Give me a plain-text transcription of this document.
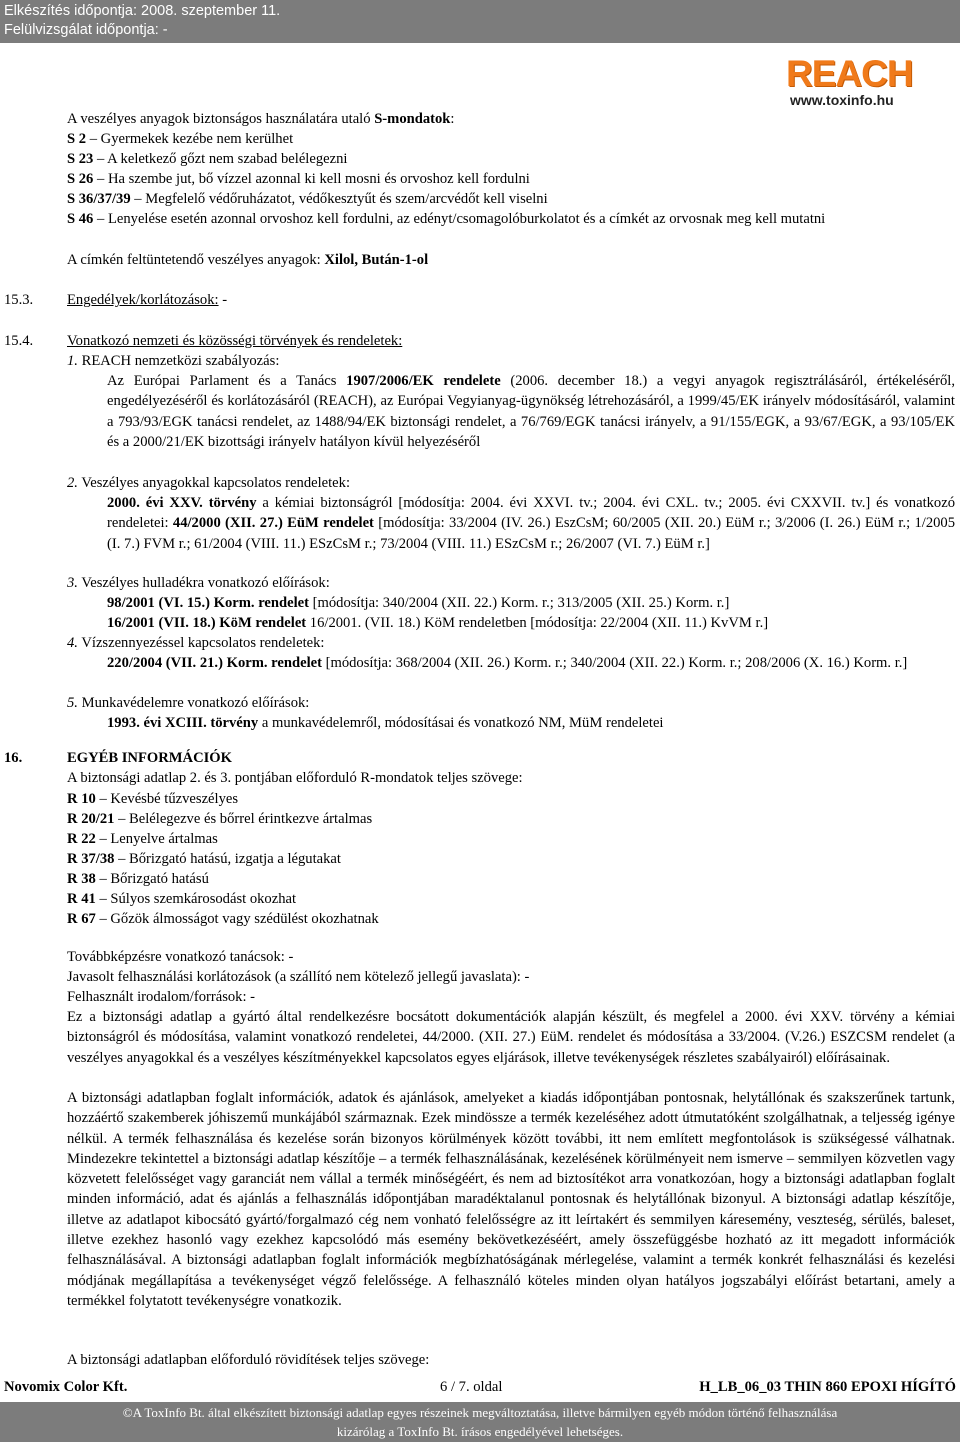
Elkészítés időpontja: 2008. szeptember 11.
Felülvizsgálat időpontja: -
REACH
www.toxinfo.hu
A veszélyes anyagok biztonságos használatára utaló S-mondatok:
S 2 – Gyermekek kezébe nem kerülhet
S 23 – A keletkező gőzt nem szabad belélegezni
S 26 – Ha szembe jut, bő vízzel azonnal ki kell mosni és orvoshoz kell fordulni
S 36/37/39 – Megfelelő védőruházatot, védőkesztyűt és szem/arcvédőt kell viselni
S 46 – Lenyelése esetén azonnal orvoshoz kell fordulni, az edényt/csomagolóburkolatot és a címkét az orvosnak meg kell mutatni
A címkén feltüntetendő veszélyes anyagok: Xilol, Bután-1-ol
15.3. Engedélyek/korlátozások: -
15.4. Vonatkozó nemzeti és közösségi törvények és rendeletek:
1. REACH nemzetközi szabályozás:
Az Európai Parlament és a Tanács 1907/2006/EK rendelete (2006. december 18.) a vegyi anyagok regisztrálásáról, értékeléséről, engedélyezéséről és korlátozásáról (REACH), az Európai Vegyianyag-ügynökség létrehozásáról, a 1999/45/EK irányelv módosításáról, valamint a 793/93/EGK tanácsi rendelet, az 1488/94/EK biztonsági rendelet, a 76/769/EGK tanácsi irányelv, a 91/155/EGK, a 93/67/EGK, a 93/105/EK és a 2000/21/EK bizottsági irányelv hatályon kívül helyezéséről
2. Veszélyes anyagokkal kapcsolatos rendeletek:
2000. évi XXV. törvény a kémiai biztonságról [módosítja: 2004. évi XXVI. tv.; 2004. évi CXL. tv.; 2005. évi CXXVII. tv.] és vonatkozó rendeletei: 44/2000 (XII. 27.) EüM rendelet [módosítja: 33/2004 (IV. 26.) EszCsM; 60/2005 (XII. 20.) EüM r.; 3/2006 (I. 26.) EüM r.; 1/2005 (I. 7.) FVM r.; 61/2004 (VIII. 11.) ESzCsM r.; 73/2004 (VIII. 11.) ESzCsM r.; 26/2007 (VI. 7.) EüM r.]
3. Veszélyes hulladékra vonatkozó előírások:
98/2001 (VI. 15.) Korm. rendelet [módosítja: 340/2004 (XII. 22.) Korm. r.; 313/2005 (XII. 25.) Korm. r.]
16/2001 (VII. 18.) KöM rendelet 16/2001. (VII. 18.) KöM rendeletben [módosítja: 22/2004 (XII. 11.) KvVM r.]
4. Vízszennyezéssel kapcsolatos rendeletek:
220/2004 (VII. 21.) Korm. rendelet [módosítja: 368/2004 (XII. 26.) Korm. r.; 340/2004 (XII. 22.) Korm. r.; 208/2006 (X. 16.) Korm. r.]
5. Munkavédelemre vonatkozó előírások:
1993. évi XCIII. törvény a munkavédelemről, módosításai és vonatkozó NM, MüM rendeletei
16.	EGYÉB INFORMÁCIÓK
A biztonsági adatlap 2. és 3. pontjában előforduló R-mondatok teljes szövege:
R 10 – Kevésbé tűzveszélyes
R 20/21 – Belélegezve és bőrrel érintkezve ártalmas
R 22 – Lenyelve ártalmas
R 37/38 – Bőrizgató hatású, izgatja a légutakat
R 38 – Bőrizgató hatású
R 41 – Súlyos szemkárosodást okozhat
R 67 – Gőzök álmosságot vagy szédülést okozhatnak
Továbbképzésre vonatkozó tanácsok: -
Javasolt felhasználási korlátozások (a szállító nem kötelező jellegű javaslata): -
Felhasznált irodalom/források: -
Ez a biztonsági adatlap a gyártó által rendelkezésre bocsátott dokumentációk alapján készült, és megfelel a 2000. évi XXV. törvény a kémiai biztonságról és módosítása, valamint vonatkozó rendeletei, 44/2000. (XII. 27.) EüM. rendelet és módosítása a 33/2004. (V.26.) ESZCSM rendelet (a veszélyes anyagokkal és a veszélyes készítményekkel kapcsolatos egyes eljárások, illetve tevékenységek részletes szabályairól) előírásainak.
A biztonsági adatlapban foglalt információk, adatok és ajánlások, amelyeket a kiadás időpontjában pontosnak, helytállónak és szakszerűnek tartunk, hozzáértő szakemberek jóhiszemű munkájából származnak. Ezek mindössze a termék kezeléséhez adott útmutatóként szolgálhatnak, a teljesség igénye nélkül. A termék felhasználása és kezelése során bizonyos körülmények között további, itt nem említett megfontolások is szükségessé válhatnak. Mindezekre tekintettel a biztonsági adatlap készítője – a termék felhasználásának, kezelésének körülményeit nem ismerve – semmilyen közvetlen vagy közvetett felelősséget vagy garanciát nem vállal a termék minőségéért, és nem ad biztosítékot arra vonatkozóan, hogy a biztonsági adatlapban foglalt minden információ, adat és ajánlás a felhasználás időpontjában maradéktalanul pontosnak és helytállónak bizonyul. A biztonsági adatlap készítője, illetve az adatlapot kibocsátó gyártó/forgalmazó cég nem vonható felelősségre az itt leírtakért és semmilyen káresemény, veszteség, sérülés, baleset, illetve ezekhez hasonló vagy ezekhez kapcsolódó más esemény bekövetkezéséért, amely összefüggésbe hozható az itt megadott információk felhasználásával. A biztonsági adatlapban foglalt információk megbízhatóságának mérlegelése, valamint a termék konkrét felhasználási és kezelési módjának megállapítása a tevékenységet végző felelőssége. A felhasználó köteles minden olyan hatályos jogszabályi előírást betartani, amely a termékkel folytatott tevékenységre vonatkozik.
A biztonsági adatlapban előforduló rövidítések teljes szövege:
Novomix Color Kft.	6 / 7. oldal	H_LB_06_03 THIN 860 EPOXI HÍGÍTÓ
©A ToxInfo Bt. által elkészített biztonsági adatlap egyes részeinek megváltoztatása, illetve bármilyen egyéb módon történő felhasználása
kizárólag a ToxInfo Bt. írásos engedélyével lehetséges.
